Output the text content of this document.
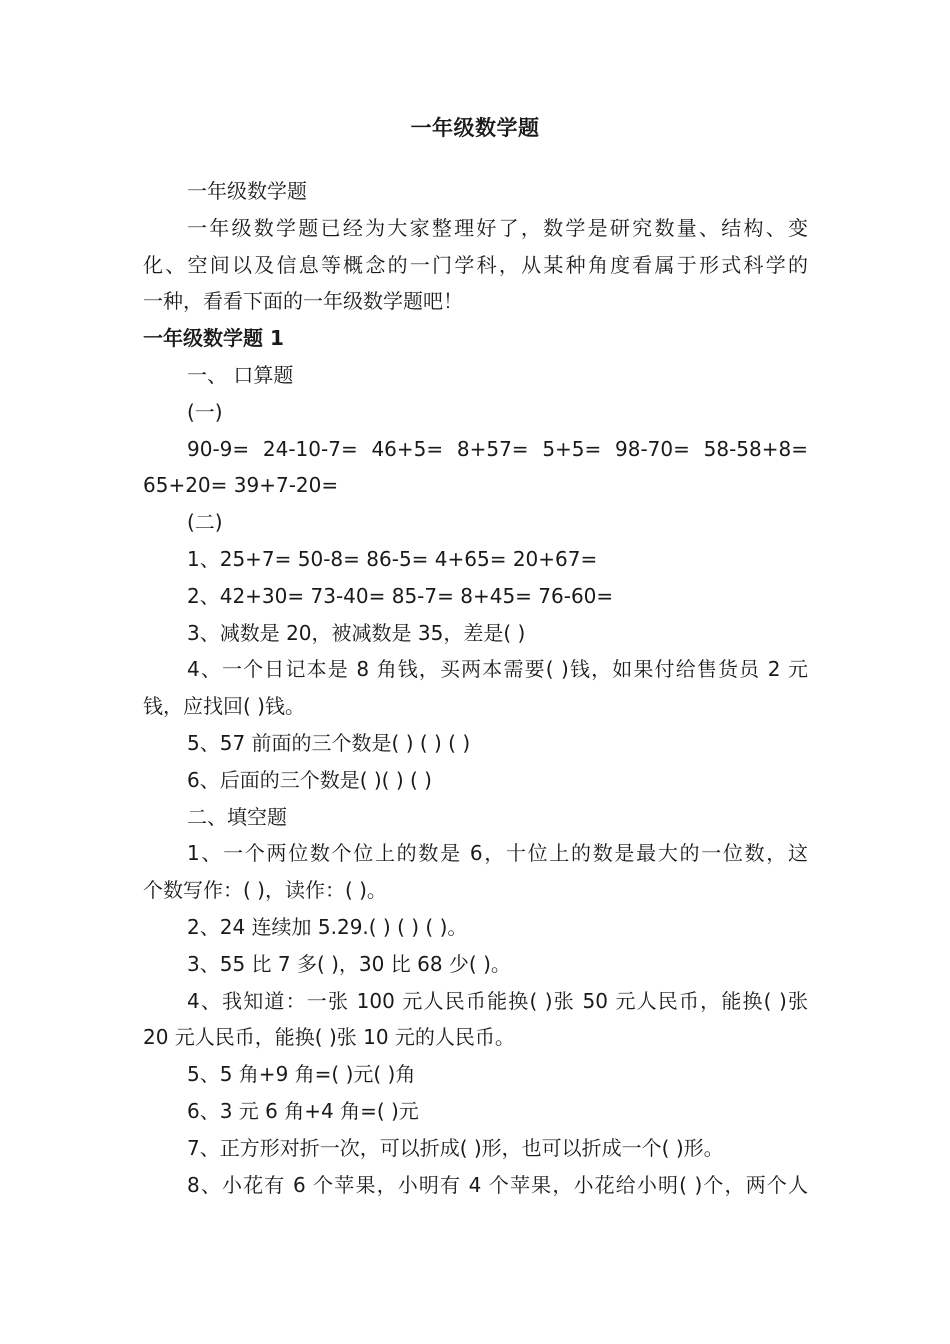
一年级数学题
一年级数学题
一年级数学题已经为大家整理好了，数学是研究数量、结构、变
化、空间以及信息等概念的一门学科，从某种角度看属于形式科学的
一种，看看下面的一年级数学题吧！
一年级数学题 1
一、 口算题
(一)
90-9= 24-10-7= 46+5= 8+57= 5+5= 98-70= 58-58+8=
65+20= 39+7-20=
(二)
1、25+7= 50-8= 86-5= 4+65= 20+67=
2、42+30= 73-40= 85-7= 8+45= 76-60=
3、减数是 20，被减数是 35，差是( )
4、一个日记本是 8 角钱，买两本需要( )钱，如果付给售货员 2 元
钱，应找回( )钱。
5、57 前面的三个数是( ) ( ) ( )
6、后面的三个数是( )( ) ( )
二、填空题
1、一个两位数个位上的数是 6，十位上的数是最大的一位数，这
个数写作：( )，读作：( )。
2、24 连续加 5.29.( ) ( ) ( )。
3、55 比 7 多( )，30 比 68 少( )。
4、我知道：一张 100 元人民币能换( )张 50 元人民币，能换( )张
20 元人民币，能换( )张 10 元的人民币。
5、5 角+9 角=( )元( )角
6、3 元 6 角+4 角=( )元
7、正方形对折一次，可以折成( )形，也可以折成一个( )形。
8、小花有 6 个苹果，小明有 4 个苹果，小花给小明( )个，两个人
